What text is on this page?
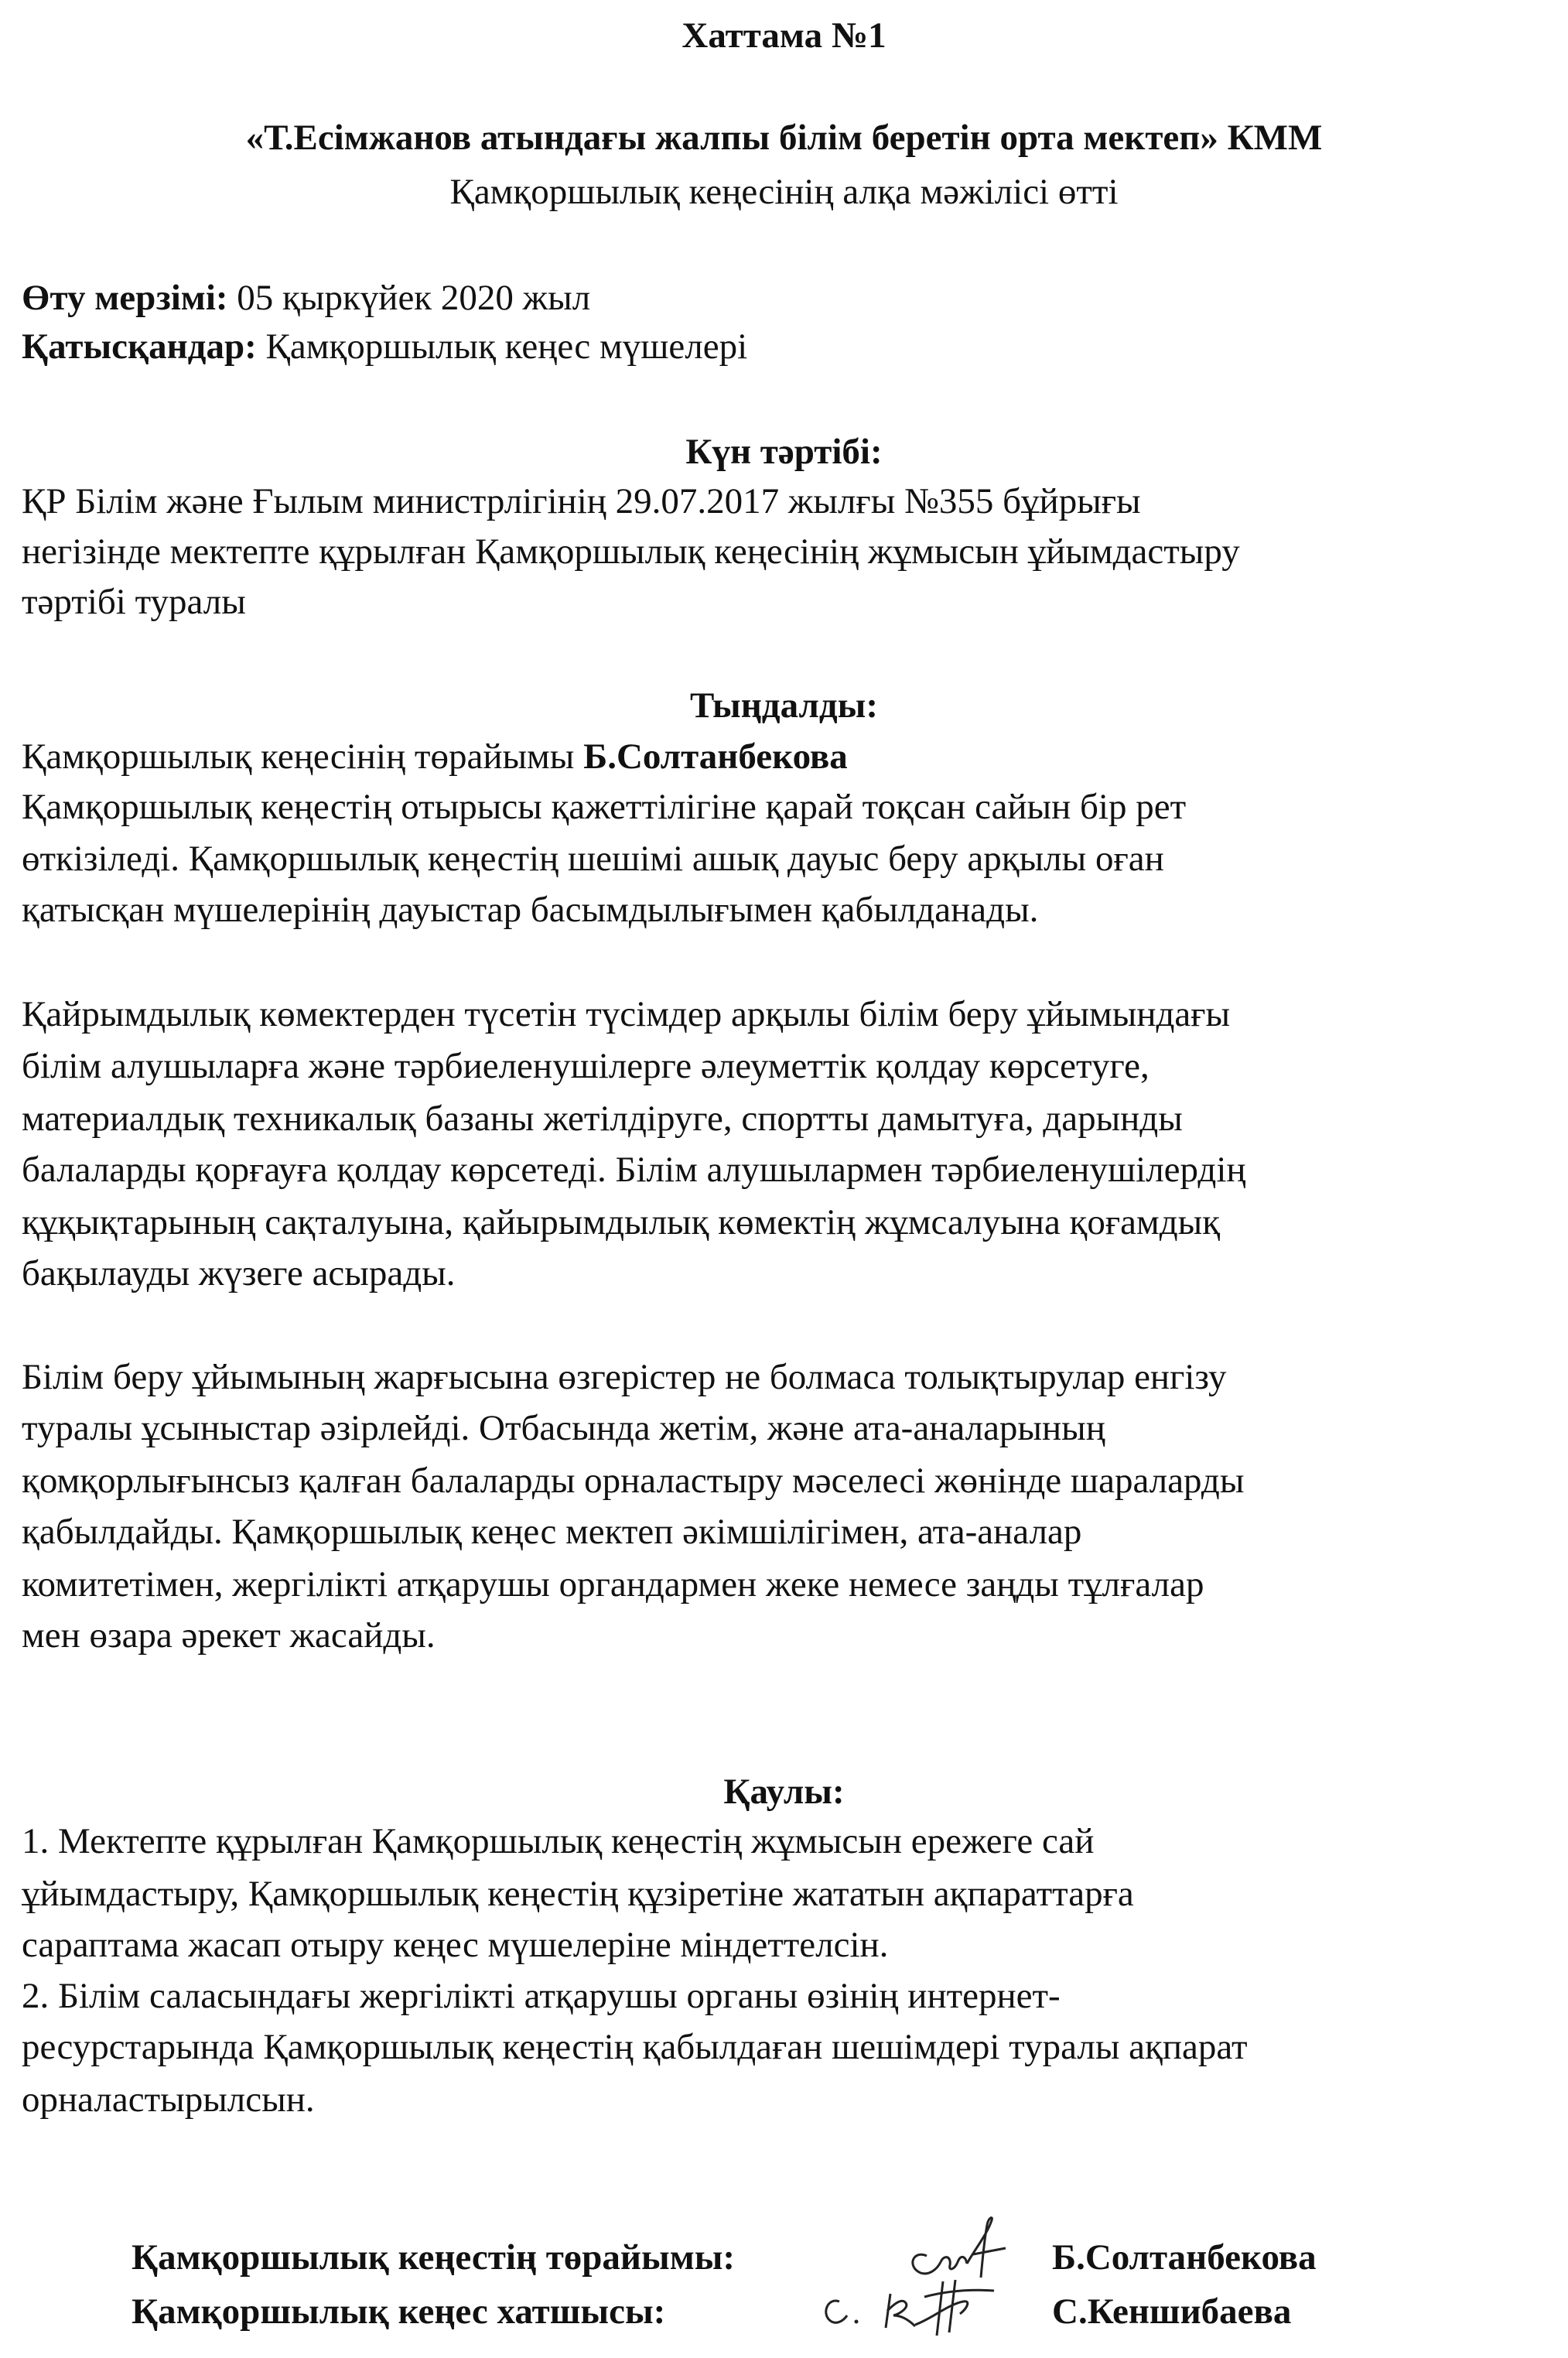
Хаттама №1
«Т.Есімжанов атындағы жалпы білім беретін орта мектеп» КММ
Қамқоршылық кеңесінің алқа мәжілісі өтті
Өту мерзімі: 05 қыркүйек 2020 жыл
Қатысқандар: Қамқоршылық кеңес мүшелері
Күн тәртібі:
ҚР Білім және Ғылым министрлігінің 29.07.2017 жылғы №355 бұйрығы
негізінде мектепте құрылған Қамқоршылық кеңесінің жұмысын ұйымдастыру
тәртібі туралы
Тыңдалды:
Қамқоршылық кеңесінің төрайымы Б.Солтанбекова
Қамқоршылық кеңестің отырысы қажеттілігіне қарай тоқсан сайын бір рет
өткізіледі. Қамқоршылық кеңестің шешімі ашық дауыс беру арқылы оған
қатысқан мүшелерінің дауыстар басымдылығымен қабылданады.
Қайрымдылық көмектерден түсетін түсімдер арқылы білім беру ұйымындағы
білім алушыларға және тәрбиеленушілерге әлеуметтік қолдау көрсетуге,
материалдық техникалық базаны жетілдіруге, спортты дамытуға, дарынды
балаларды қорғауға қолдау көрсетеді. Білім алушылармен тәрбиеленушілердің
құқықтарының сақталуына, қайырымдылық көмектің жұмсалуына қоғамдық
бақылауды жүзеге асырады.
Білім беру ұйымының жарғысына өзгерістер не болмаса толықтырулар енгізу
туралы ұсыныстар әзірлейді. Отбасында жетім, және ата-аналарының
қомқорлығынсыз қалған балаларды орналастыру мәселесі жөнінде шараларды
қабылдайды. Қамқоршылық кеңес мектеп әкімшілігімен, ата-аналар
комитетімен, жергілікті атқарушы органдармен жеке немесе заңды тұлғалар
мен өзара әрекет жасайды.
Қаулы:
1. Мектепте құрылған Қамқоршылық кеңестің жұмысын ережеге сай
ұйымдастыру, Қамқоршылық кеңестің құзіретіне жататын ақпараттарға
сараптама жасап отыру кеңес мүшелеріне міндеттелсін.
2. Білім саласындағы жергілікті атқарушы органы өзінің интернет-
ресурстарында Қамқоршылық кеңестің қабылдаған шешімдері туралы ақпарат
орналастырылсын.
Қамқоршылық кеңестің төрайымы:	Б.Солтанбекова
Қамқоршылық кеңес хатшысы:	С.Кеншибаева
